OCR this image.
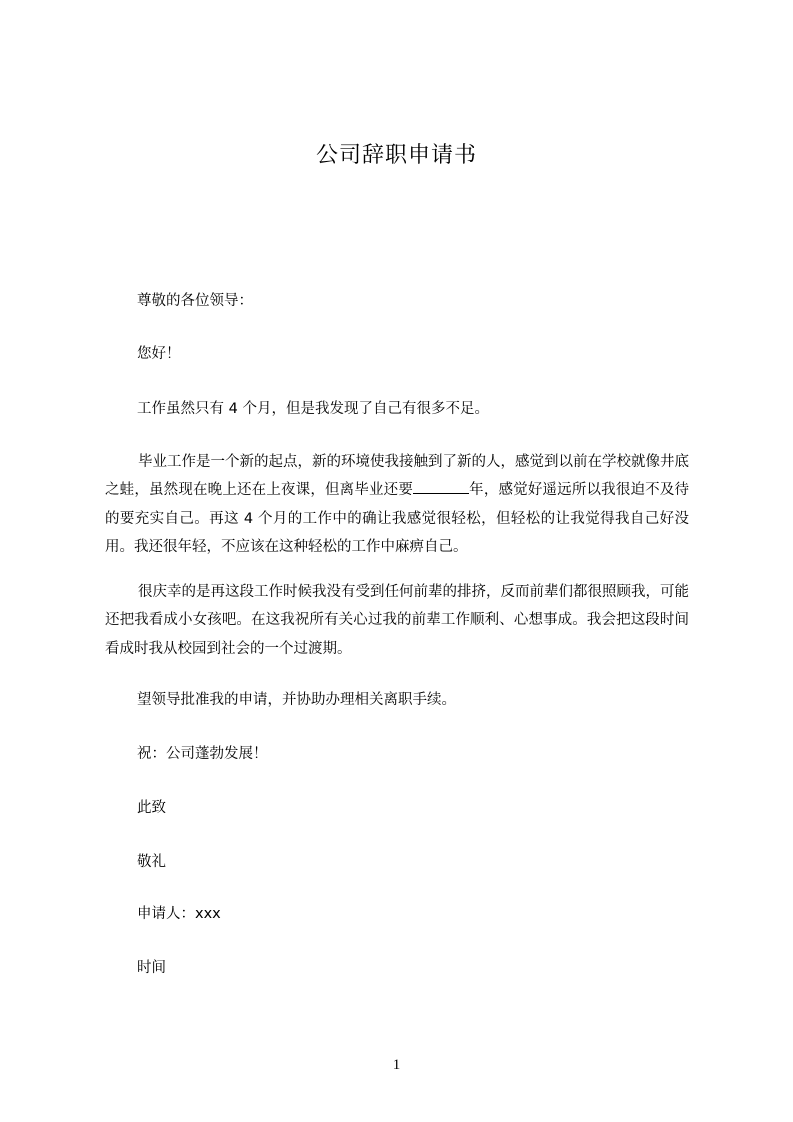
公司辞职申请书
尊敬的各位领导：
您好！
工作虽然只有 4 个月，但是我发现了自己有很多不足。
毕业工作是一个新的起点，新的环境使我接触到了新的人，感觉到以前在学校就像井底之蛙，虽然现在晚上还在上夜课，但离毕业还要	年，感觉好遥远所以我很迫不及待的要充实自己。再这 4 个月的工作中的确让我感觉很轻松，但轻松的让我觉得我自己好没用。我还很年轻，不应该在这种轻松的工作中麻痹自己。
很庆幸的是再这段工作时候我没有受到任何前辈的排挤，反而前辈们都很照顾我，可能还把我看成小女孩吧。在这我祝所有关心过我的前辈工作顺利、心想事成。我会把这段时间看成时我从校园到社会的一个过渡期。
望领导批准我的申请，并协助办理相关离职手续。
祝：公司蓬勃发展！
此致
敬礼
申请人：xxx
时间
1
